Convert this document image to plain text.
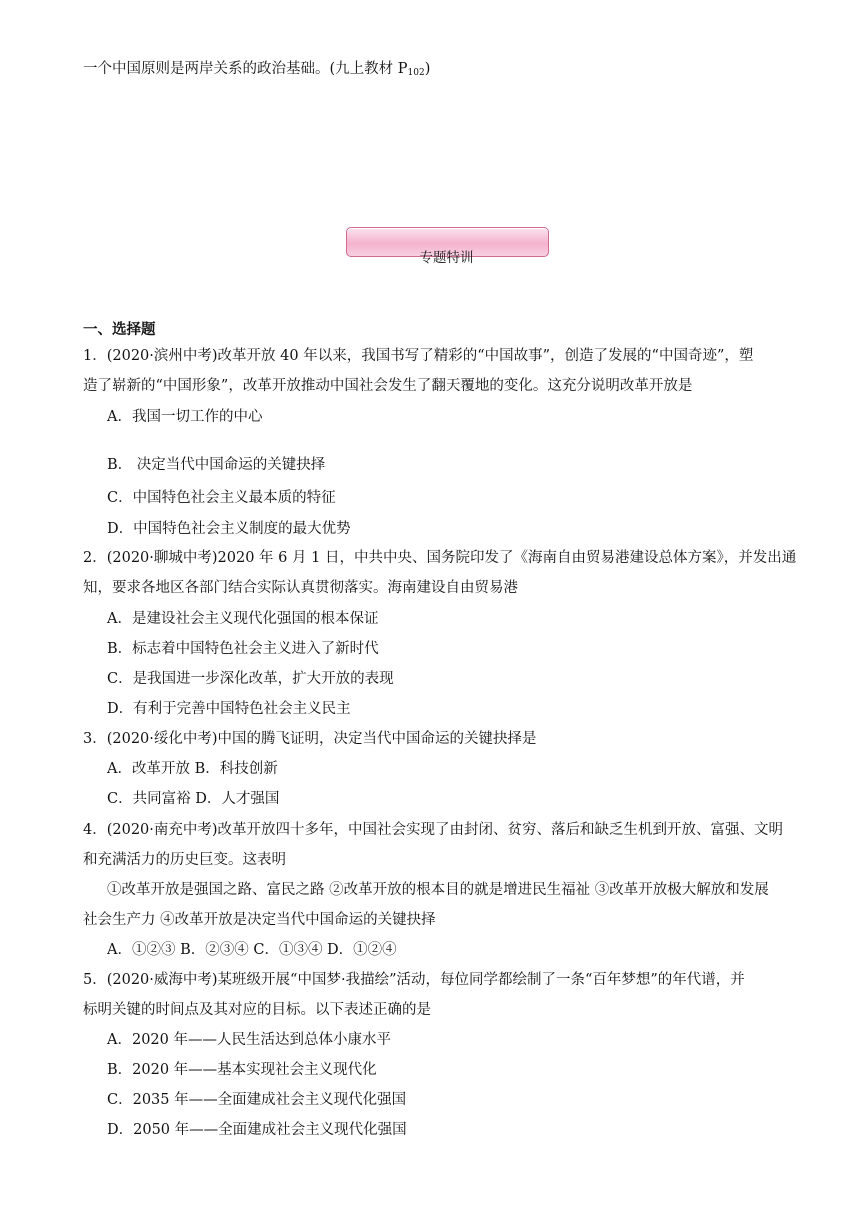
一个中国原则是两岸关系的政治基础。(九上教材 $P_{102}$)
专题特训
一、选择题
1．(2020·滨州中考)改革开放 40 年以来，我国书写了精彩的“中国故事”，创造了发展的“中国奇迹”，塑
造了崭新的“中国形象”，改革开放推动中国社会发生了翻天覆地的变化。这充分说明改革开放是
A．我国一切工作的中心
B． 决定当代中国命运的关键抉择
C．中国特色社会主义最本质的特征
D．中国特色社会主义制度的最大优势
2．(2020·聊城中考)2020 年 6 月 1 日，中共中央、国务院印发了《海南自由贸易港建设总体方案》，并发出通
知，要求各地区各部门结合实际认真贯彻落实。海南建设自由贸易港
A．是建设社会主义现代化强国的根本保证
B．标志着中国特色社会主义进入了新时代
C．是我国进一步深化改革，扩大开放的表现
D．有利于完善中国特色社会主义民主
3．(2020·绥化中考)中国的腾飞证明，决定当代中国命运的关键抉择是
A．改革开放 B．科技创新
C．共同富裕 D．人才强国
4．(2020·南充中考)改革开放四十多年，中国社会实现了由封闭、贫穷、落后和缺乏生机到开放、富强、文明
和充满活力的历史巨变。这表明
①改革开放是强国之路、富民之路 ②改革开放的根本目的就是增进民生福祉 ③改革开放极大解放和发展
社会生产力 ④改革开放是决定当代中国命运的关键抉择
A．①②③ B．②③④ C．①③④ D．①②④
5．(2020·威海中考)某班级开展“中国梦·我描绘”活动，每位同学都绘制了一条“百年梦想”的年代谱，并
标明关键的时间点及其对应的目标。以下表述正确的是
A．2020 年——人民生活达到总体小康水平
B．2020 年——基本实现社会主义现代化
C．2035 年——全面建成社会主义现代化强国
D．2050 年——全面建成社会主义现代化强国
